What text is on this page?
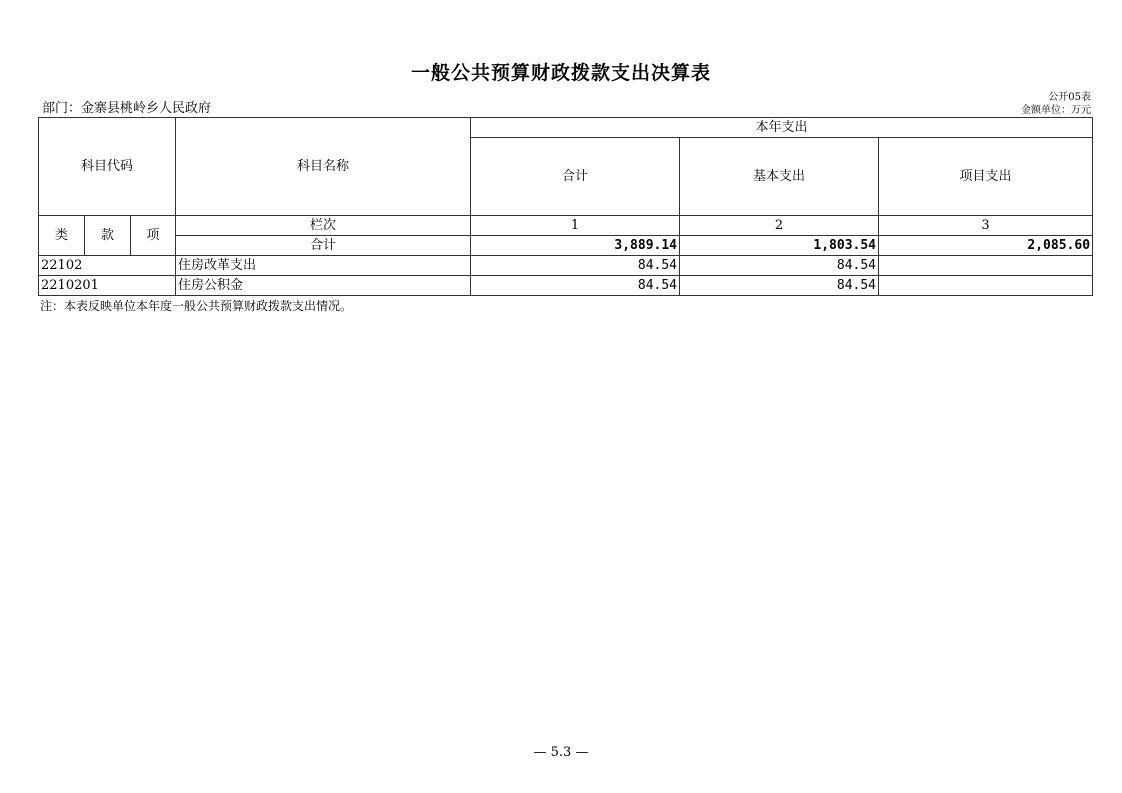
一般公共预算财政拨款支出决算表
公开05表
金额单位：万元
部门：金寨县桃岭乡人民政府
科目代码			科目名称	本年支出		
				合计	基本支出	项目支出
类	款	项	栏次	1	2	3
			合计	3,889.14	1,803.54	2,085.60
22102			住房改革支出	84.54	84.54	
2210201			住房公积金	84.54	84.54	
注：本表反映单位本年度一般公共预算财政拨款支出情况。
— 5.3 —
